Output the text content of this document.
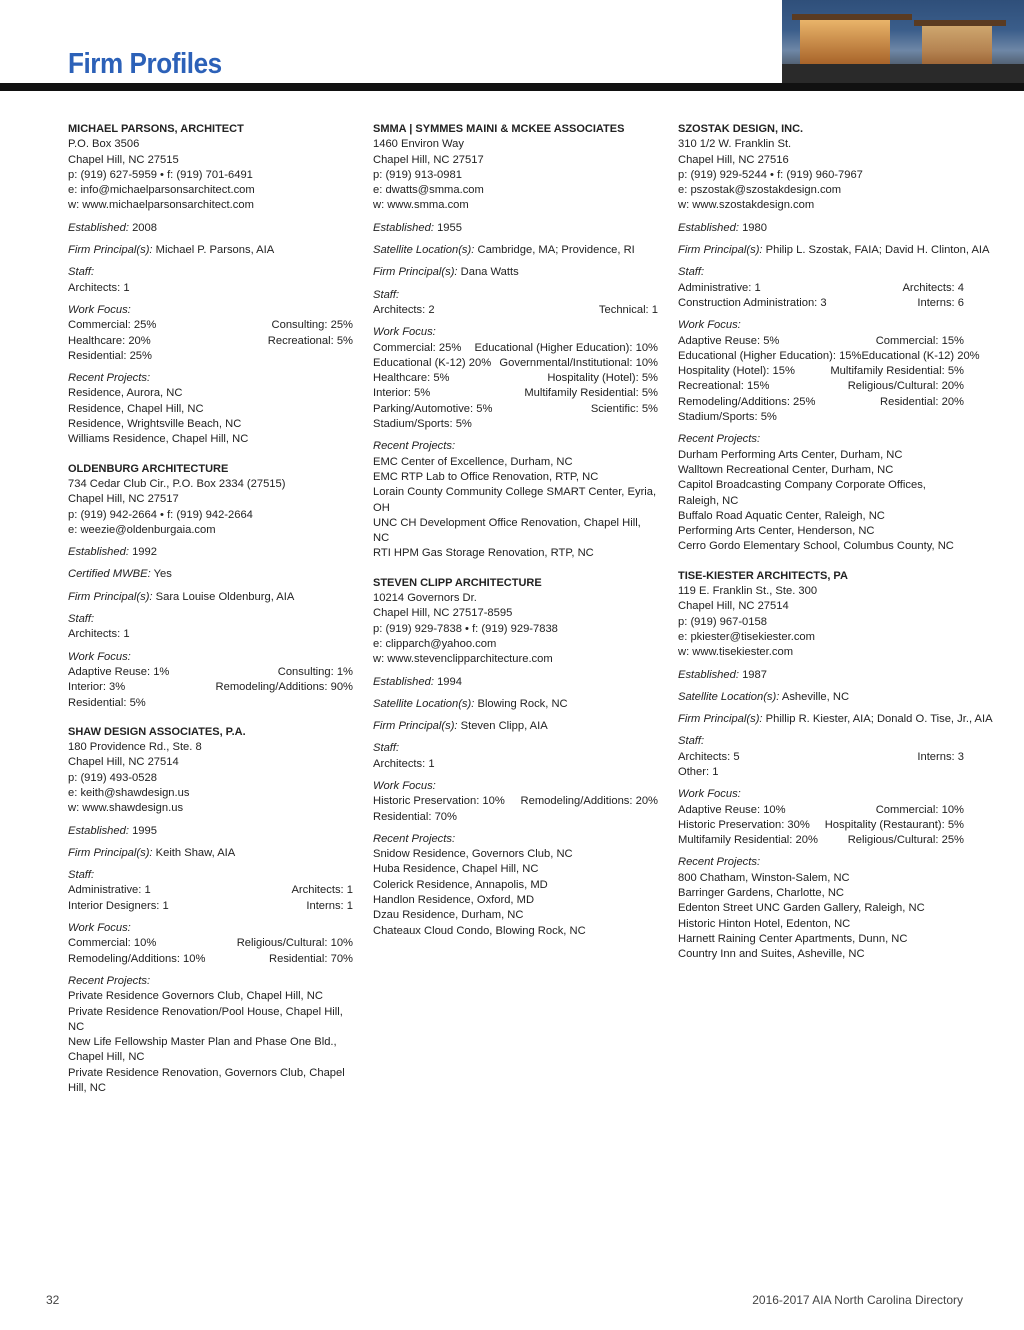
Firm Profiles
MICHAEL PARSONS, ARCHITECT
P.O. Box 3506
Chapel Hill, NC 27515
p: (919) 627-5959 • f: (919) 701-6491
e: info@michaelparsonsarchitect.com
w: www.michaelparsonsarchitect.com
Established: 2008
Firm Principal(s): Michael P. Parsons, AIA
Staff:
Architects: 1
Work Focus:
Commercial: 25%	Consulting: 25%
Healthcare: 20%	Recreational: 5%
Residential: 25%
Recent Projects:
Residence, Aurora, NC
Residence, Chapel Hill, NC
Residence, Wrightsville Beach, NC
Williams Residence, Chapel Hill, NC
OLDENBURG ARCHITECTURE
734 Cedar Club Cir., P.O. Box 2334 (27515)
Chapel Hill, NC 27517
p: (919) 942-2664 • f: (919) 942-2664
e: weezie@oldenburgaia.com
Established: 1992
Certified MWBE: Yes
Firm Principal(s): Sara Louise Oldenburg, AIA
Staff:
Architects: 1
Work Focus:
Adaptive Reuse: 1%	Consulting: 1%
Interior: 3%	Remodeling/Additions: 90%
Residential: 5%
SHAW DESIGN ASSOCIATES, P.A.
180 Providence Rd., Ste. 8
Chapel Hill, NC 27514
p: (919) 493-0528
e: keith@shawdesign.us
w: www.shawdesign.us
Established: 1995
Firm Principal(s): Keith Shaw, AIA
Staff:
Administrative: 1	Architects: 1
Interior Designers: 1	Interns: 1
Work Focus:
Commercial: 10%	Religious/Cultural: 10%
Remodeling/Additions: 10%	Residential: 70%
Recent Projects:
Private Residence Governors Club, Chapel Hill, NC
Private Residence Renovation/Pool House, Chapel Hill, NC
New Life Fellowship Master Plan and Phase One Bld., Chapel Hill, NC
Private Residence Renovation, Governors Club, Chapel Hill, NC
SMMA | SYMMES MAINI & MCKEE ASSOCIATES
1460 Environ Way
Chapel Hill, NC 27517
p: (919) 913-0981
e: dwatts@smma.com
w: www.smma.com
Established: 1955
Satellite Location(s): Cambridge, MA; Providence, RI
Firm Principal(s): Dana Watts
Staff:
Architects: 2	Technical: 1
Work Focus:
Commercial: 25% Educational (Higher Education): 10%
Educational (K-12) 20% Governmental/Institutional: 10%
Healthcare: 5%	Hospitality (Hotel): 5%
Interior: 5%	Multifamily Residential: 5%
Parking/Automotive: 5%	Scientific: 5%
Stadium/Sports: 5%
Recent Projects:
EMC Center of Excellence, Durham, NC
EMC RTP Lab to Office Renovation, RTP, NC
Lorain County Community College SMART Center, Eyria, OH
UNC CH Development Office Renovation, Chapel Hill, NC
RTI HPM Gas Storage Renovation, RTP, NC
STEVEN CLIPP ARCHITECTURE
10214 Governors Dr.
Chapel Hill, NC 27517-8595
p: (919) 929-7838 • f: (919) 929-7838
e: clipparch@yahoo.com
w: www.stevenclipparchitecture.com
Established: 1994
Satellite Location(s): Blowing Rock, NC
Firm Principal(s): Steven Clipp, AIA
Staff:
Architects: 1
Work Focus:
Historic Preservation: 10% Remodeling/Additions: 20%
Residential: 70%
Recent Projects:
Snidow Residence, Governors Club, NC
Huba Residence, Chapel Hill, NC
Colerick Residence, Annapolis, MD
Handlon Residence, Oxford, MD
Dzau Residence, Durham, NC
Chateaux Cloud Condo, Blowing Rock, NC
SZOSTAK DESIGN, INC.
310 1/2 W. Franklin St.
Chapel Hill, NC 27516
p: (919) 929-5244 • f: (919) 960-7967
e: pszostak@szostakdesign.com
w: www.szostakdesign.com
Established: 1980
Firm Principal(s): Philip L. Szostak, FAIA; David H. Clinton, AIA
Staff:
Administrative: 1	Architects: 4
Construction Administration: 3	Interns: 6
Work Focus:
Adaptive Reuse: 5%	Commercial: 15%
Educational (Higher Education): 15% Educational (K-12) 20%
Hospitality (Hotel): 15%	Multifamily Residential: 5%
Recreational: 15%	Religious/Cultural: 20%
Remodeling/Additions: 25%	Residential: 20%
Stadium/Sports: 5%
Recent Projects:
Durham Performing Arts Center, Durham, NC
Walltown Recreational Center, Durham, NC
Capitol Broadcasting Company Corporate Offices, Raleigh, NC
Buffalo Road Aquatic Center, Raleigh, NC
Performing Arts Center, Henderson, NC
Cerro Gordo Elementary School, Columbus County, NC
TISE-KIESTER ARCHITECTS, PA
119 E. Franklin St., Ste. 300
Chapel Hill, NC 27514
p: (919) 967-0158
e: pkiester@tisekiester.com
w: www.tisekiester.com
Established: 1987
Satellite Location(s): Asheville, NC
Firm Principal(s): Phillip R. Kiester, AIA; Donald O. Tise, Jr., AIA
Staff:
Architects: 5	Interns: 3
Other: 1
Work Focus:
Adaptive Reuse: 10%	Commercial: 10%
Historic Preservation: 30% Hospitality (Restaurant): 5%
Multifamily Residential: 20%	Religious/Cultural: 25%
Recent Projects:
800 Chatham, Winston-Salem, NC
Barringer Gardens, Charlotte, NC
Edenton Street UNC Garden Gallery, Raleigh, NC
Historic Hinton Hotel, Edenton, NC
Harnett Raining Center Apartments, Dunn, NC
Country Inn and Suites, Asheville, NC
32	2016-2017 AIA North Carolina Directory
